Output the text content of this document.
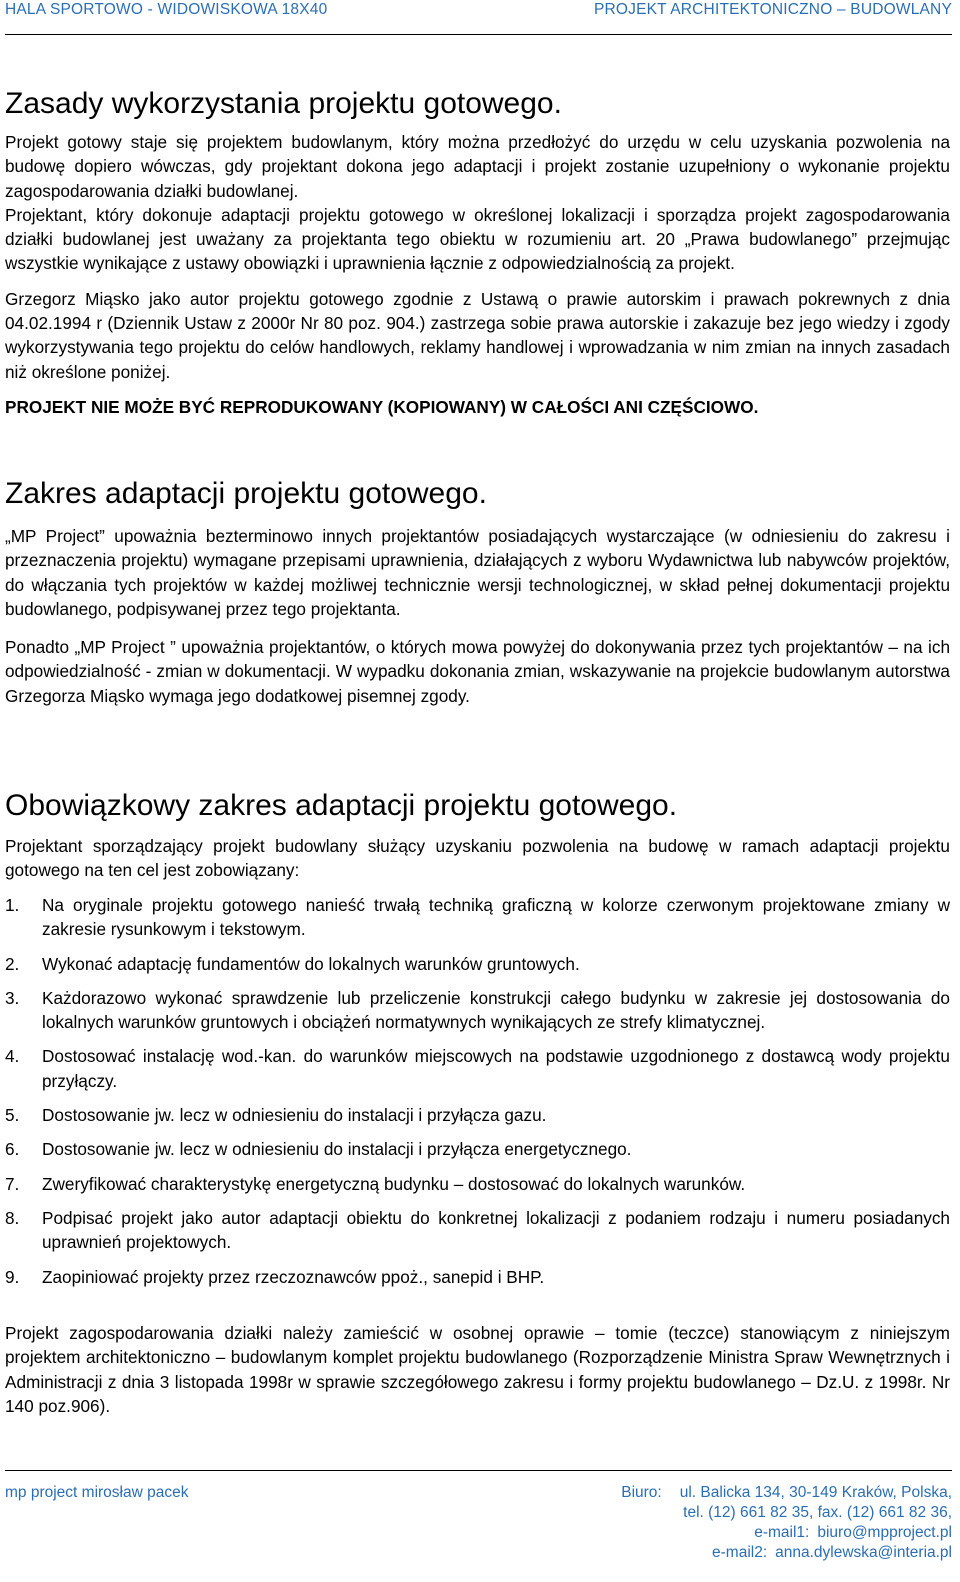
HALA SPORTOWO - WIDOWISKOWA 18X40	PROJEKT ARCHITEKTONICZNO – BUDOWLANY
Zasady wykorzystania projektu gotowego.

Projekt gotowy staje się projektem budowlanym, który można przedłożyć do urzędu w celu uzyskania pozwolenia na budowę dopiero wówczas, gdy projektant dokona jego adaptacji i projekt zostanie uzupełniony o wykonanie projektu zagospodarowania działki budowlanej.

Projektant, który dokonuje adaptacji projektu gotowego w określonej lokalizacji i sporządza projekt zagospodarowania działki budowlanej jest uważany za projektanta tego obiektu w rozumieniu art. 20 „Prawa budowlanego” przejmując wszystkie wynikające z ustawy obowiązki i uprawnienia łącznie z odpowiedzialnością za projekt.

Grzegorz Miąsko jako autor projektu gotowego zgodnie z Ustawą o prawie autorskim i prawach pokrewnych z dnia 04.02.1994 r (Dziennik Ustaw z 2000r Nr 80 poz. 904.) zastrzega sobie prawa autorskie i zakazuje bez jego wiedzy i zgody wykorzystywania tego projektu do celów handlowych, reklamy handlowej i wprowadzania w nim zmian na innych zasadach niż określone poniżej.

PROJEKT NIE MOŻE BYĆ REPRODUKOWANY (KOPIOWANY) W CAŁOŚCI ANI CZĘŚCIOWO.

Zakres adaptacji projektu gotowego.

„MP Project” upoważnia bezterminowo innych projektantów posiadających wystarczające (w odniesieniu do zakresu i przeznaczenia projektu) wymagane przepisami uprawnienia, działających z wyboru Wydawnictwa lub nabywców projektów, do włączania tych projektów w każdej możliwej technicznie wersji technologicznej, w skład pełnej dokumentacji projektu budowlanego, podpisywanej przez tego projektanta.

Ponadto „MP Project ” upoważnia projektantów, o których mowa powyżej do dokonywania przez tych projektantów – na ich odpowiedzialność - zmian w dokumentacji. W wypadku dokonania zmian, wskazywanie na projekcie budowlanym autorstwa Grzegorza Miąsko wymaga jego dodatkowej pisemnej zgody.

Obowiązkowy zakres adaptacji projektu gotowego.

Projektant sporządzający projekt budowlany służący uzyskaniu pozwolenia na budowę w ramach adaptacji projektu gotowego na ten cel jest zobowiązany:

1. Na oryginale projektu gotowego nanieść trwałą techniką graficzną w kolorze czerwonym projektowane zmiany w zakresie rysunkowym i tekstowym.
2. Wykonać adaptację fundamentów do lokalnych warunków gruntowych.
3. Każdorazowo wykonać sprawdzenie lub przeliczenie konstrukcji całego budynku w zakresie jej dostosowania do lokalnych warunków gruntowych i obciążeń normatywnych wynikających ze strefy klimatycznej.
4. Dostosować instalację wod.-kan. do warunków miejscowych na podstawie uzgodnionego z dostawcą wody projektu przyłączy.
5. Dostosowanie jw. lecz w odniesieniu do instalacji i przyłącza gazu.
6. Dostosowanie jw. lecz w odniesieniu do instalacji i przyłącza energetycznego.
7. Zweryfikować charakterystykę energetyczną budynku – dostosować do lokalnych warunków.
8. Podpisać projekt jako autor adaptacji obiektu do konkretnej lokalizacji z podaniem rodzaju i numeru posiadanych uprawnień projektowych.
9. Zaopiniować projekty przez rzeczoznawców ppoż., sanepid i BHP.

Projekt zagospodarowania działki należy zamieścić w osobnej oprawie – tomie (teczce) stanowiącym z niniejszym projektem architektoniczno – budowlanym komplet projektu budowlanego (Rozporządzenie Ministra Spraw Wewnętrznych i Administracji z dnia 3 listopada 1998r w sprawie szczegółowego zakresu i formy projektu budowlanego – Dz.U. z 1998r. Nr 140 poz.906).

mp project mirosław pacek	Biuro: ul. Balicka 134, 30-149 Kraków, Polska,
tel. (12) 661 82 35, fax. (12) 661 82 36,
e-mail1: biuro@mpproject.pl
e-mail2: anna.dylewska@interia.pl
